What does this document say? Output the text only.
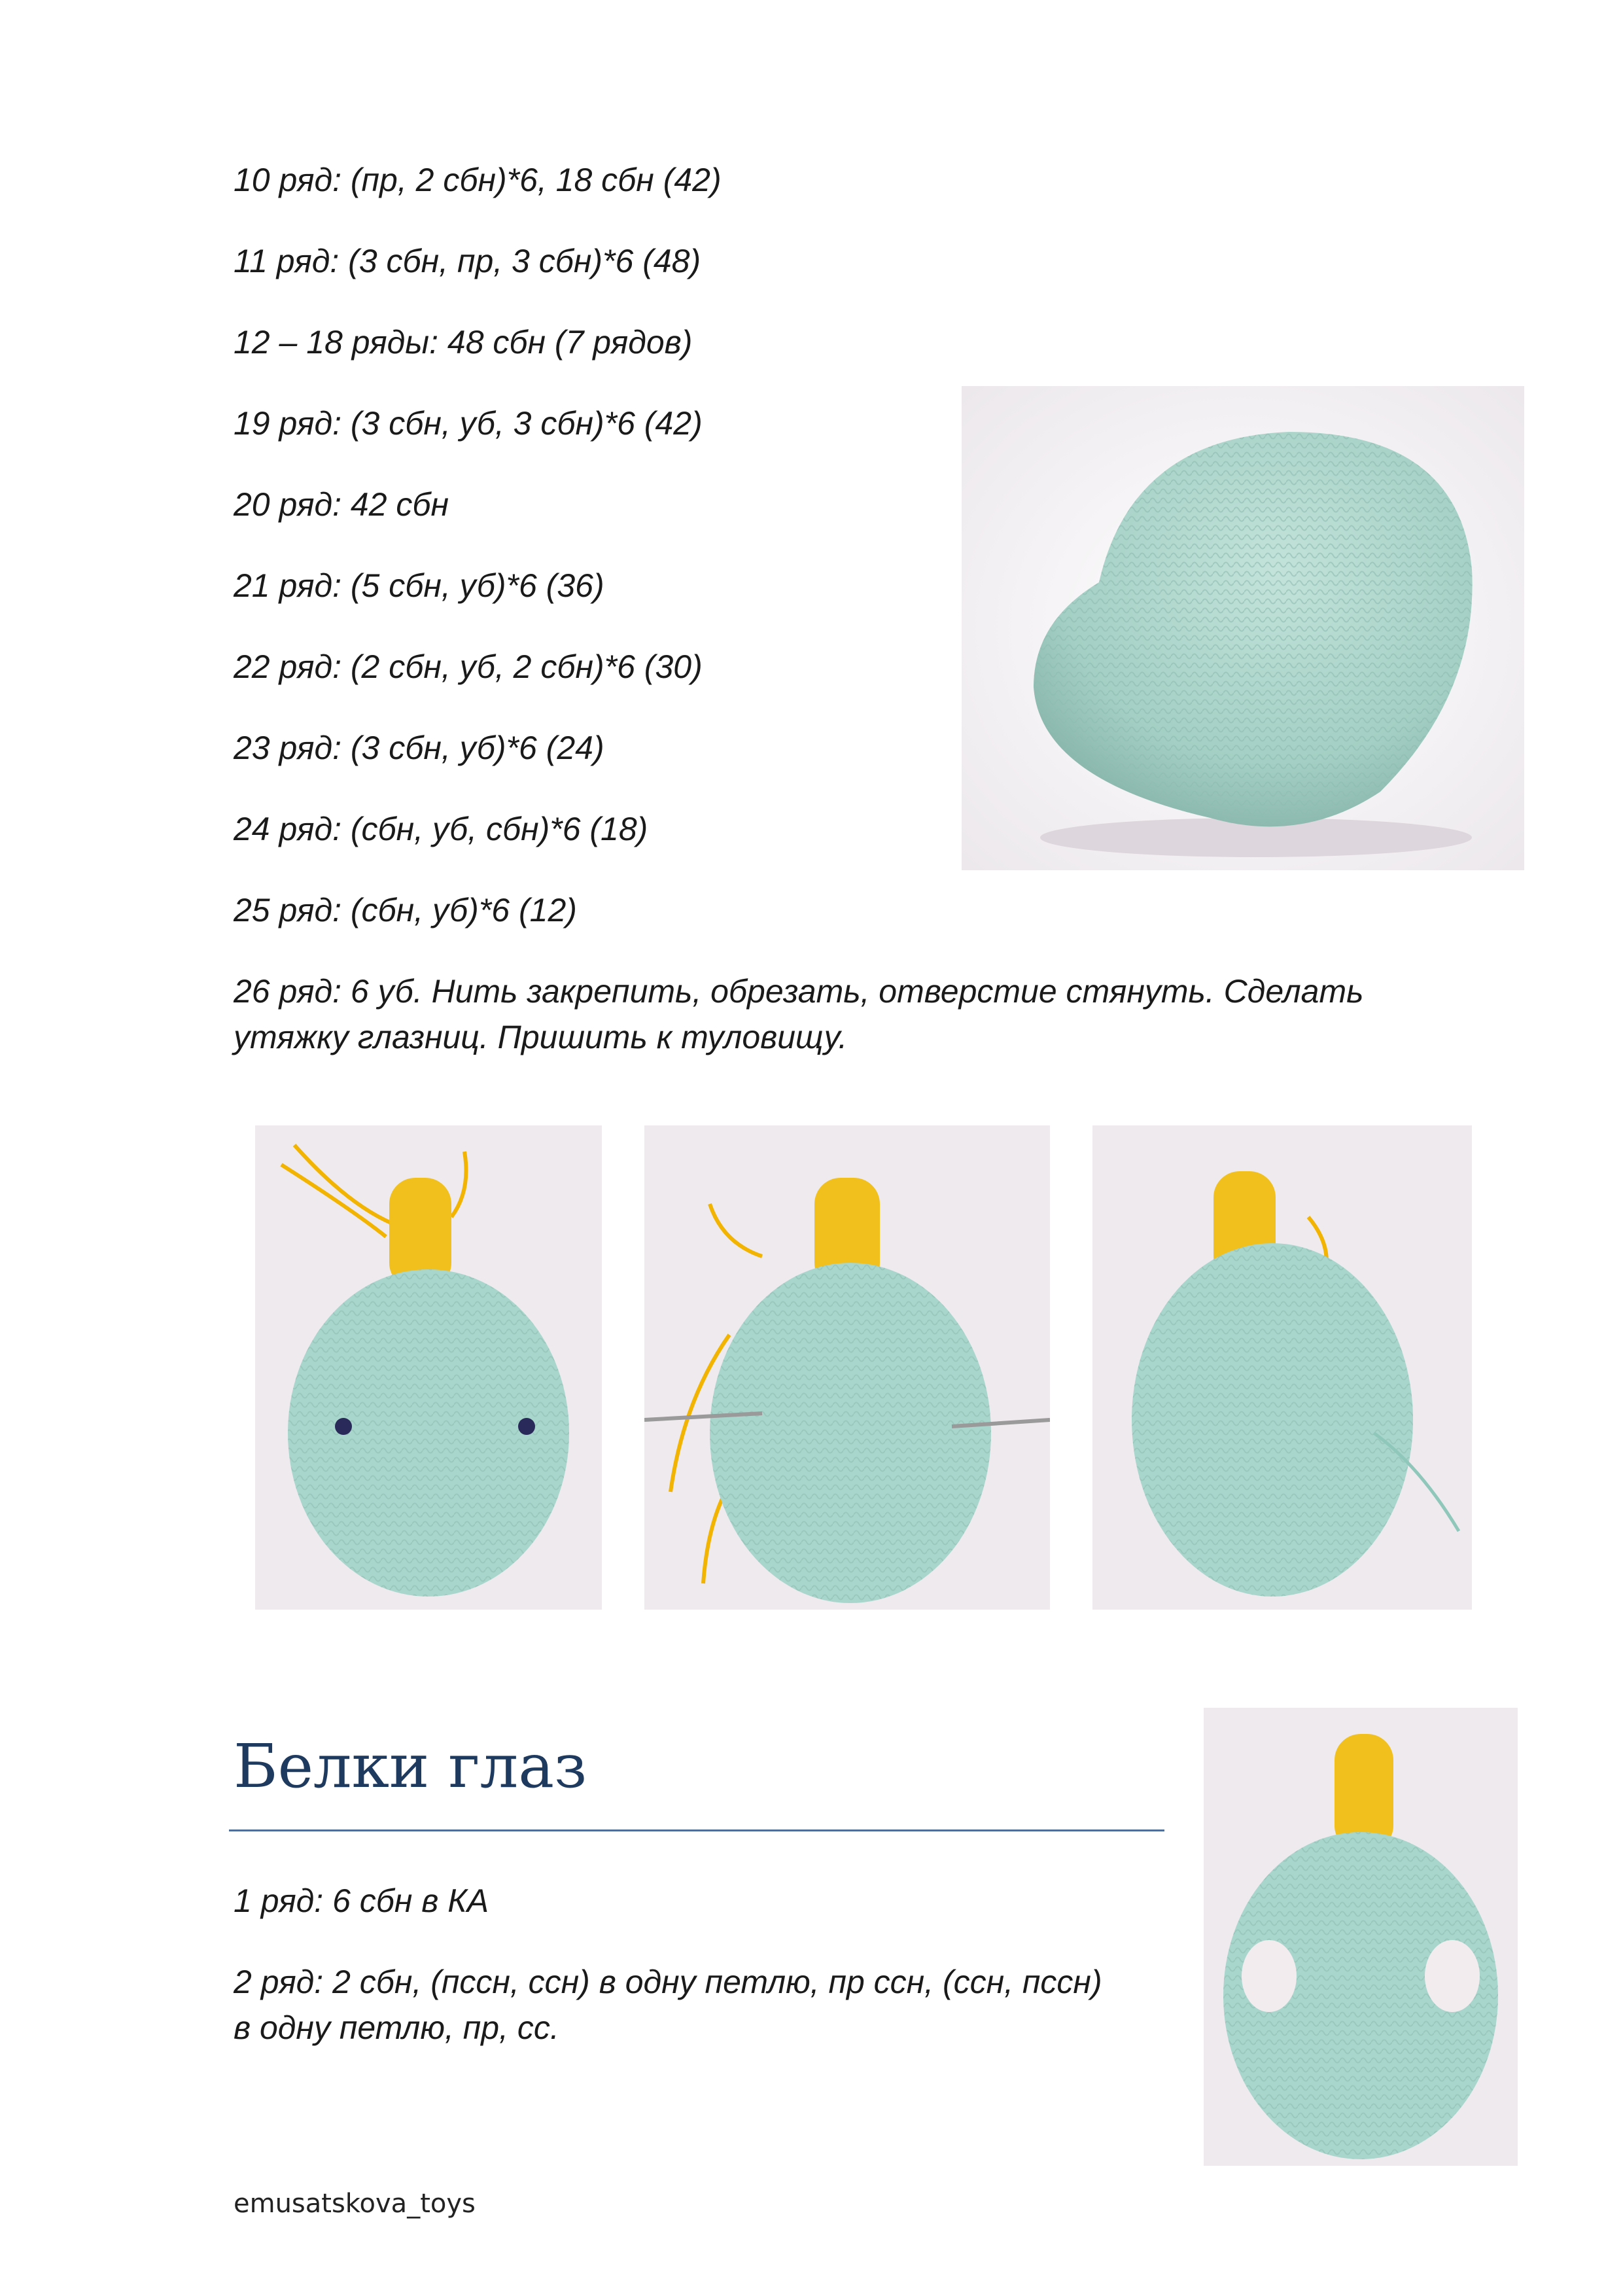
10 ряд: (пр, 2 сбн)*6, 18 сбн (42)

11 ряд: (3 сбн, пр, 3 сбн)*6 (48)

12 – 18 ряды: 48 сбн (7 рядов)

19 ряд: (3 сбн, уб, 3 сбн)*6 (42)

20 ряд: 42 сбн

21 ряд: (5 сбн, уб)*6 (36)

22 ряд: (2 сбн, уб, 2 сбн)*6 (30)

23 ряд: (3 сбн, уб)*6 (24)

24 ряд: (сбн, уб, сбн)*6 (18)

25 ряд: (сбн, уб)*6 (12)

26 ряд: 6 уб. Нить закрепить, обрезать, отверстие стянуть. Сделать
утяжку глазниц. Пришить к туловищу.
Белки глаз

1 ряд: 6 сбн в КА

2 ряд: 2 сбн, (пссн, ссн) в одну петлю, пр ссн, (ссн, пссн)
в одну петлю, пр, сс.

emusatskova_toys
